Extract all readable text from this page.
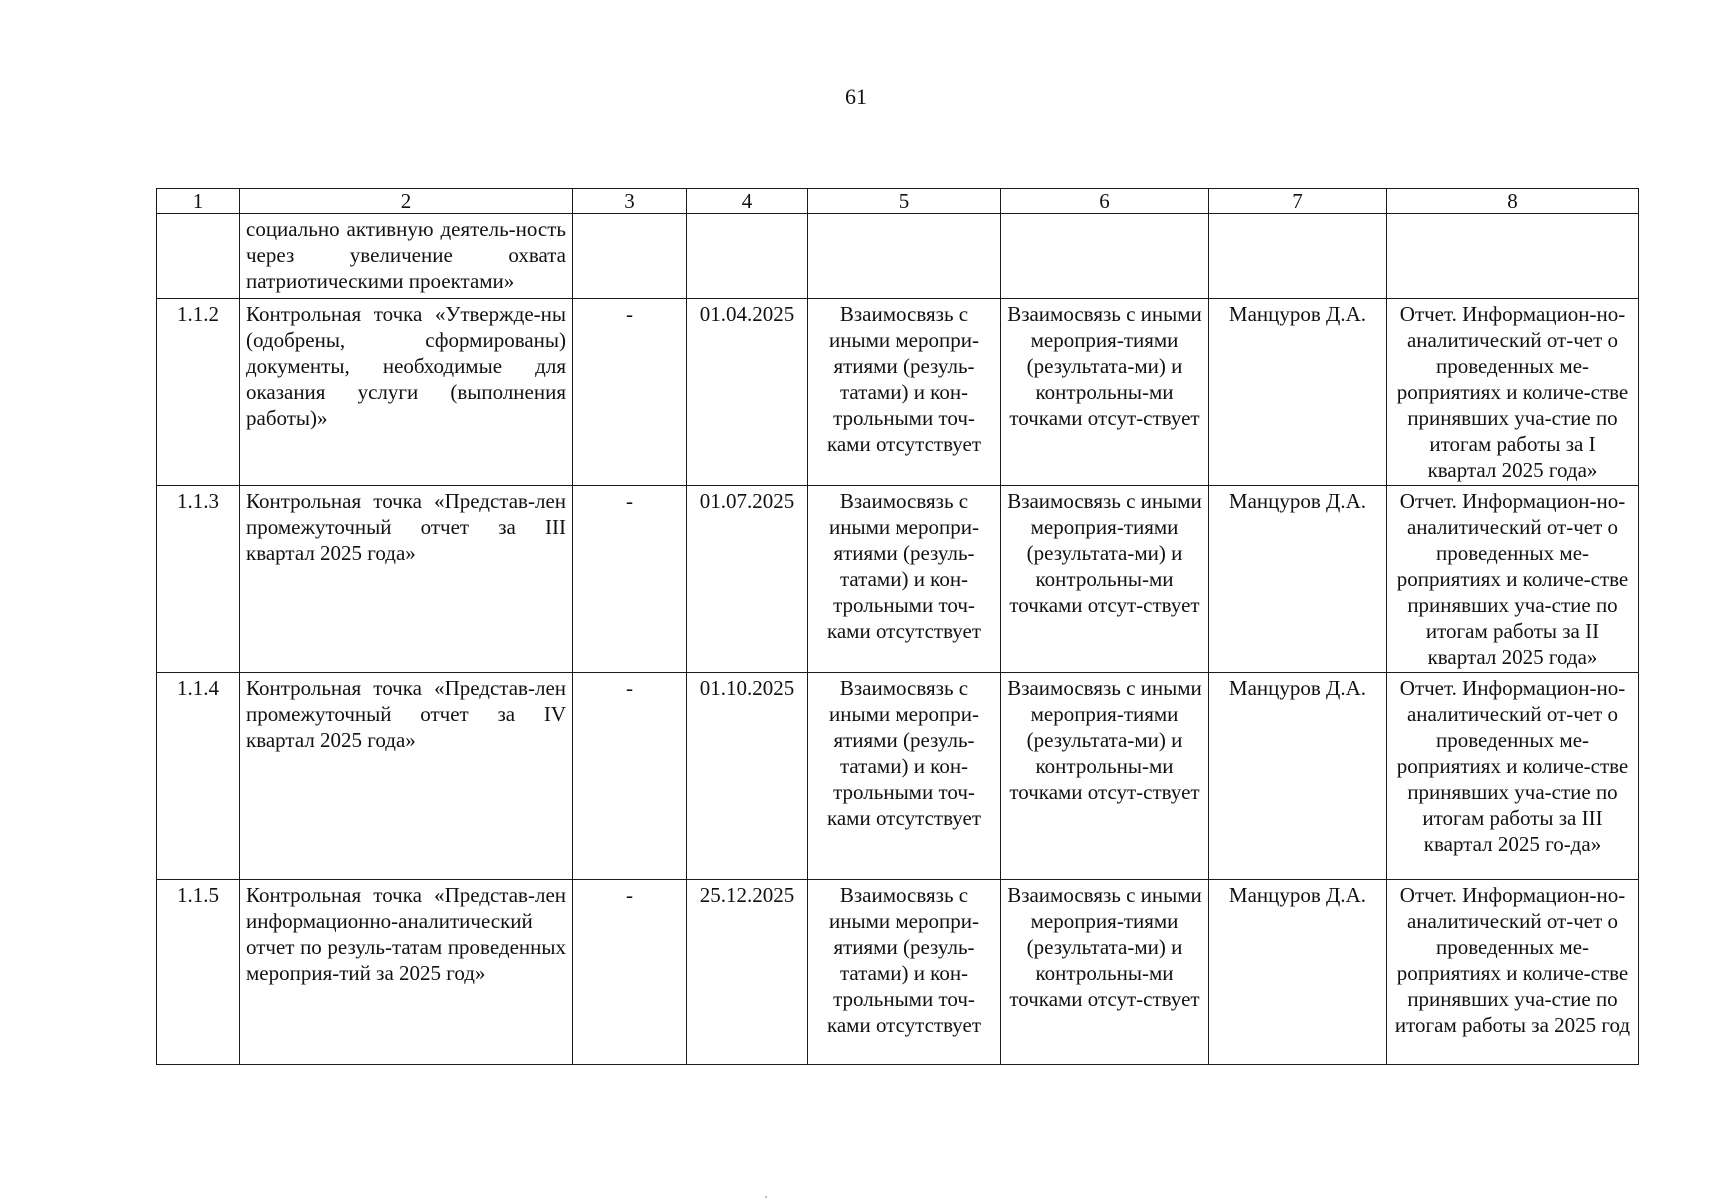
61
1	2	3	4	5	6	7	8
	социально активную деятель-ность через увеличение охвата патриотическими проектами»						
1.1.2	Контрольная точка «Утвержде-ны (одобрены, сформированы) документы, необходимые для оказания услуги (выполнения работы)»	-	01.04.2025	Взаимосвязь с иными меропри-ятиями (резуль-татами) и кон-трольными точ-ками отсутствует	Взаимосвязь с иными мероприя-тиями (результата-ми) и контрольны-ми точками отсут-ствует	Манцуров Д.А.	Отчет. Информацион-но-аналитический от-чет о проведенных ме-роприятиях и количе-стве принявших уча-стие по итогам работы за I квартал 2025 года»
1.1.3	Контрольная точка «Представ-лен промежуточный отчет за III квартал 2025 года»	-	01.07.2025	Взаимосвязь с иными меропри-ятиями (резуль-татами) и кон-трольными точ-ками отсутствует	Взаимосвязь с иными мероприя-тиями (результата-ми) и контрольны-ми точками отсут-ствует	Манцуров Д.А.	Отчет. Информацион-но-аналитический от-чет о проведенных ме-роприятиях и количе-стве принявших уча-стие по итогам работы за II квартал 2025 года»
1.1.4	Контрольная точка «Представ-лен промежуточный отчет за IV квартал 2025 года»	-	01.10.2025	Взаимосвязь с иными меропри-ятиями (резуль-татами) и кон-трольными точ-ками отсутствует	Взаимосвязь с иными мероприя-тиями (результата-ми) и контрольны-ми точками отсут-ствует	Манцуров Д.А.	Отчет. Информацион-но-аналитический от-чет о проведенных ме-роприятиях и количе-стве принявших уча-стие по итогам работы за III квартал 2025 го-да»
1.1.5	Контрольная точка «Представ-лен информационно-аналитический отчет по резуль-татам проведенных мероприя-тий за 2025 год»	-	25.12.2025	Взаимосвязь с иными меропри-ятиями (резуль-татами) и кон-трольными точ-ками отсутствует	Взаимосвязь с иными мероприя-тиями (результата-ми) и контрольны-ми точками отсут-ствует	Манцуров Д.А.	Отчет. Информацион-но-аналитический от-чет о проведенных ме-роприятиях и количе-стве принявших уча-стие по итогам работы за 2025 год
